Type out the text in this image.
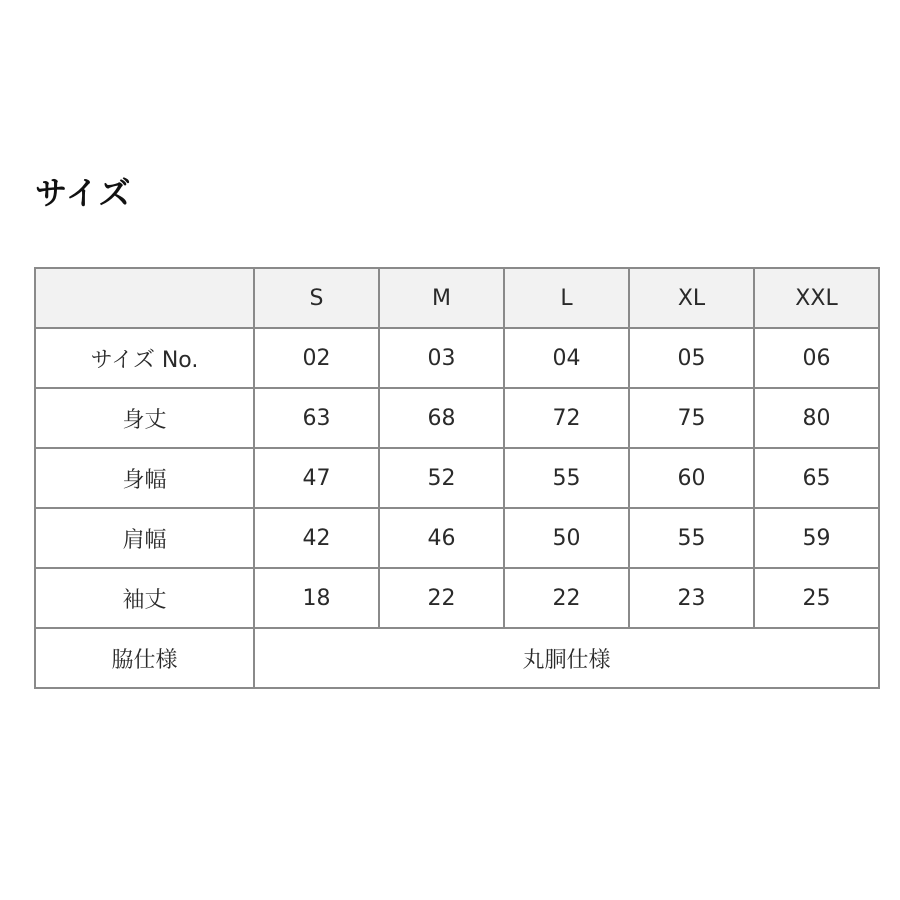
サイズ
	S	M	L	XL	XXL
サイズ No.	02	03	04	05	06
身丈	63	68	72	75	80
身幅	47	52	55	60	65
肩幅	42	46	50	55	59
袖丈	18	22	22	23	25
脇仕様	丸胴仕様				
